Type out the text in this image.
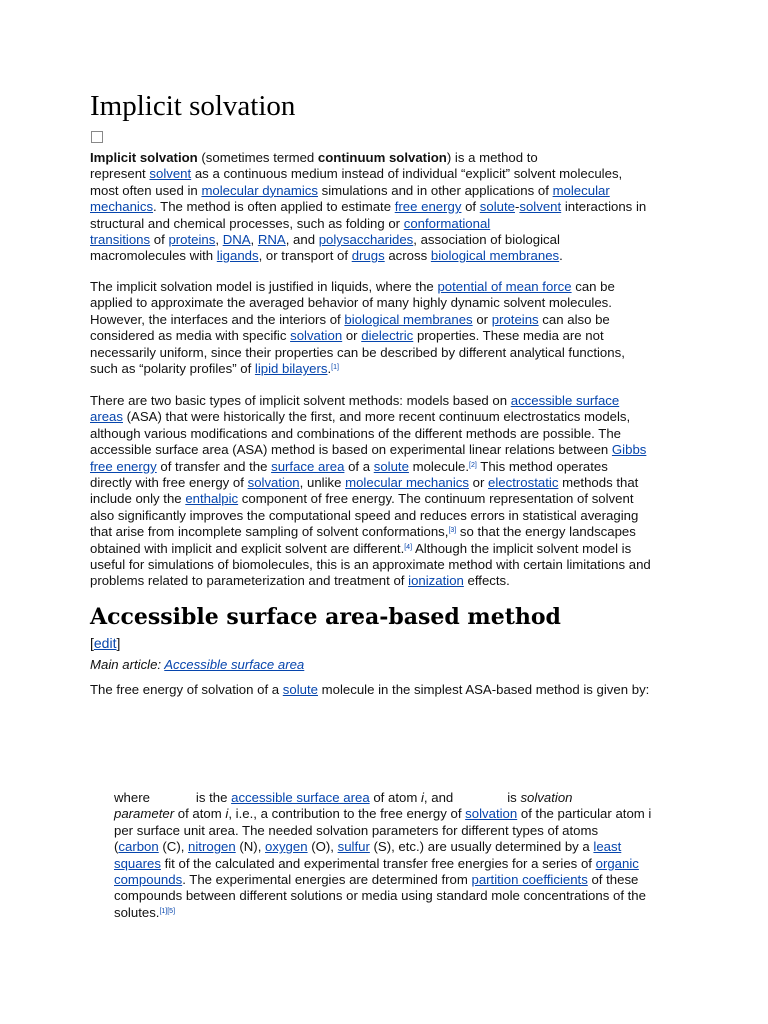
Implicit solvation
Implicit solvation (sometimes termed continuum solvation) is a method to
represent solvent as a continuous medium instead of individual “explicit” solvent molecules,
most often used in molecular dynamics simulations and in other applications of molecular
mechanics. The method is often applied to estimate free energy of solute-solvent interactions in
structural and chemical processes, such as folding or conformational
transitions of proteins, DNA, RNA, and polysaccharides, association of biological
macromolecules with ligands, or transport of drugs across biological membranes.
The implicit solvation model is justified in liquids, where the potential of mean force can be
applied to approximate the averaged behavior of many highly dynamic solvent molecules.
However, the interfaces and the interiors of biological membranes or proteins can also be
considered as media with specific solvation or dielectric properties. These media are not
necessarily uniform, since their properties can be described by different analytical functions,
such as “polarity profiles” of lipid bilayers.[1]
There are two basic types of implicit solvent methods: models based on accessible surface
areas (ASA) that were historically the first, and more recent continuum electrostatics models,
although various modifications and combinations of the different methods are possible. The
accessible surface area (ASA) method is based on experimental linear relations between Gibbs
free energy of transfer and the surface area of a solute molecule.[2] This method operates
directly with free energy of solvation, unlike molecular mechanics or electrostatic methods that
include only the enthalpic component of free energy. The continuum representation of solvent
also significantly improves the computational speed and reduces errors in statistical averaging
that arise from incomplete sampling of solvent conformations,[3] so that the energy landscapes
obtained with implicit and explicit solvent are different.[4] Although the implicit solvent model is
useful for simulations of biomolecules, this is an approximate method with certain limitations and
problems related to parameterization and treatment of ionization effects.
Accessible surface area-based method
[edit]
Main article: Accessible surface area
The free energy of solvation of a solute molecule in the simplest ASA-based method is given by:
where	is the accessible surface area of atom i, and	is solvation
parameter of atom i, i.e., a contribution to the free energy of solvation of the particular atom i
per surface unit area. The needed solvation parameters for different types of atoms
(carbon (C), nitrogen (N), oxygen (O), sulfur (S), etc.) are usually determined by a least
squares fit of the calculated and experimental transfer free energies for a series of organic
compounds. The experimental energies are determined from partition coefficients of these
compounds between different solutions or media using standard mole concentrations of the
solutes.[1][5]
